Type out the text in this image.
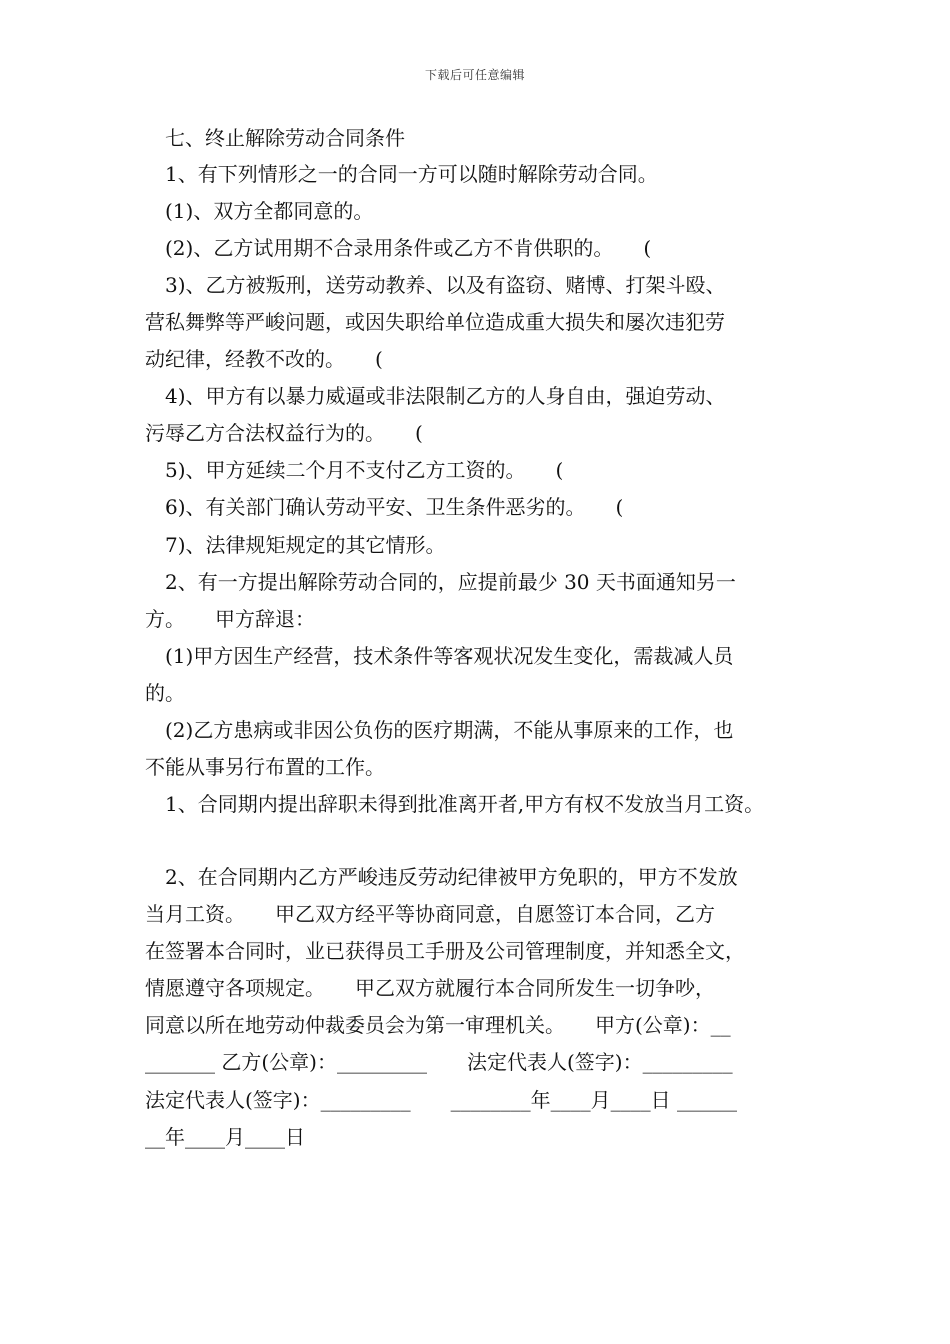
下载后可任意编辑
七、终止解除劳动合同条件
1、有下列情形之一的合同一方可以随时解除劳动合同。
(1)、双方全都同意的。
(2)、乙方试用期不合录用条件或乙方不肯供职的。　　(
3)、乙方被叛刑，送劳动教养、以及有盗窃、赌博、打架斗殴、
营私舞弊等严峻问题，或因失职给单位造成重大损失和屡次违犯劳
动纪律，经教不改的。　　(
4)、甲方有以暴力威逼或非法限制乙方的人身自由，强迫劳动、
污辱乙方合法权益行为的。　　(
5)、甲方延续二个月不支付乙方工资的。　　(
6)、有关部门确认劳动平安、卫生条件恶劣的。　　(
7)、法律规矩规定的其它情形。
2、有一方提出解除劳动合同的，应提前最少 30 天书面通知另一
方。　　甲方辞退：
(1)甲方因生产经营，技术条件等客观状况发生变化，需裁减人员
的。
(2)乙方患病或非因公负伤的医疗期满，不能从事原来的工作，也
不能从事另行布置的工作。
1、合同期内提出辞职未得到批准离开者,甲方有权不发放当月工资。
2、在合同期内乙方严峻违反劳动纪律被甲方免职的，甲方不发放
当月工资。　　甲乙双方经平等协商同意，自愿签订本合同，乙方
在签署本合同时，业已获得员工手册及公司管理制度，并知悉全文，
情愿遵守各项规定。　　甲乙双方就履行本合同所发生一切争吵，
同意以所在地劳动仲裁委员会为第一审理机关。　　甲方(公章)：__
_______ 乙方(公章)：_________　　法定代表人(签字)：_________
法定代表人(签字)：_________　　________年____月____日 ______
__年____月____日
